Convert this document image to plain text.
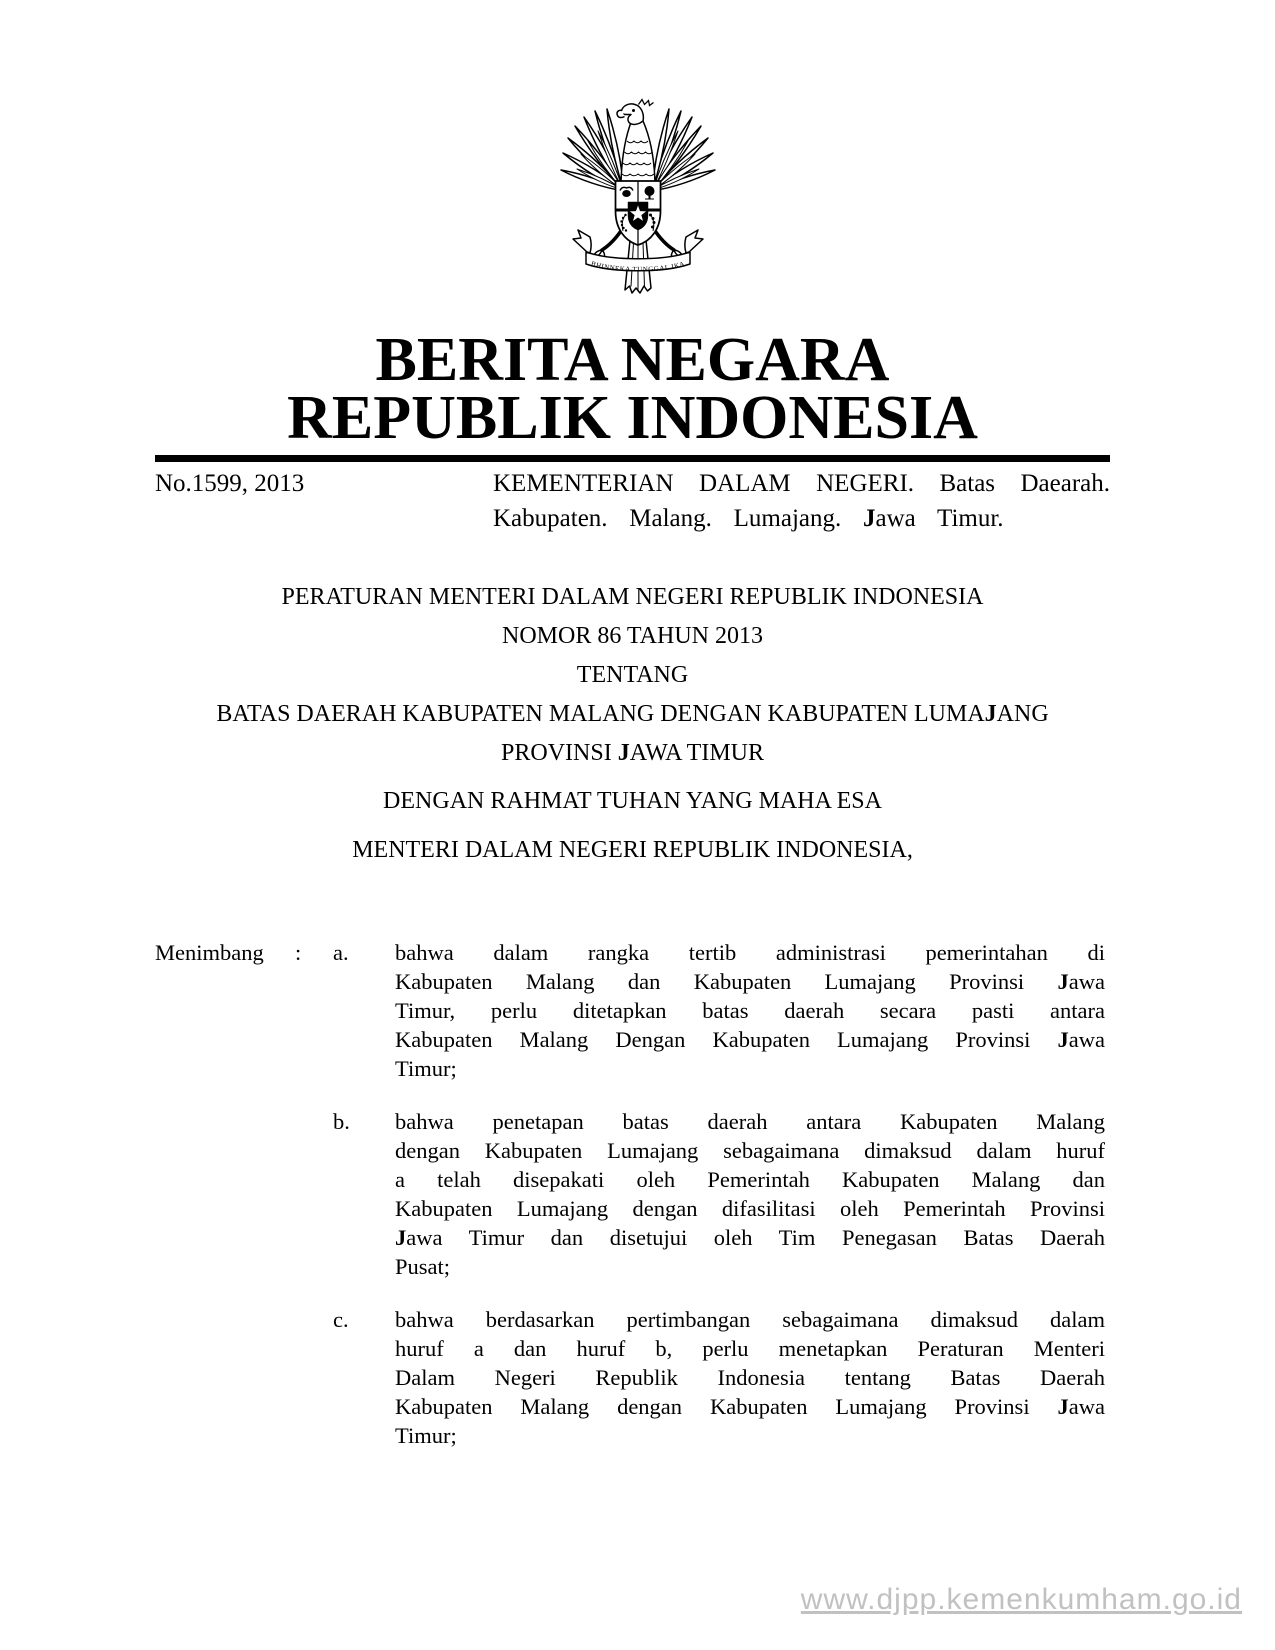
BHINNEKA TUNGGAL IKA
BERITA NEGARA
REPUBLIK INDONESIA
No.1599, 2013	KEMENTERIAN DALAM NEGERI. Batas Daearah. Kabupaten. Malang. Lumajang. Jawa Timur.
PERATURAN MENTERI DALAM NEGERI REPUBLIK INDONESIA
NOMOR 86 TAHUN 2013
TENTANG
BATAS DAERAH KABUPATEN MALANG DENGAN KABUPATEN LUMAJANG
PROVINSI JAWA TIMUR
DENGAN RAHMAT TUHAN YANG MAHA ESA
MENTERI DALAM NEGERI REPUBLIK INDONESIA,
Menimbang	:	a.	bahwa dalam rangka tertib administrasi pemerintahan di Kabupaten Malang dan Kabupaten Lumajang Provinsi Jawa Timur, perlu ditetapkan batas daerah secara pasti antara Kabupaten Malang Dengan Kabupaten Lumajang Provinsi Jawa Timur;
b.	bahwa penetapan batas daerah antara Kabupaten Malang dengan Kabupaten Lumajang sebagaimana dimaksud dalam huruf a telah disepakati oleh Pemerintah Kabupaten Malang dan Kabupaten Lumajang dengan difasilitasi oleh Pemerintah Provinsi Jawa Timur dan disetujui oleh Tim Penegasan Batas Daerah Pusat;
c.	bahwa berdasarkan pertimbangan sebagaimana dimaksud dalam huruf a dan huruf b, perlu menetapkan Peraturan Menteri Dalam Negeri Republik Indonesia tentang Batas Daerah Kabupaten Malang dengan Kabupaten Lumajang Provinsi Jawa Timur;
www.djpp.kemenkumham.go.id
